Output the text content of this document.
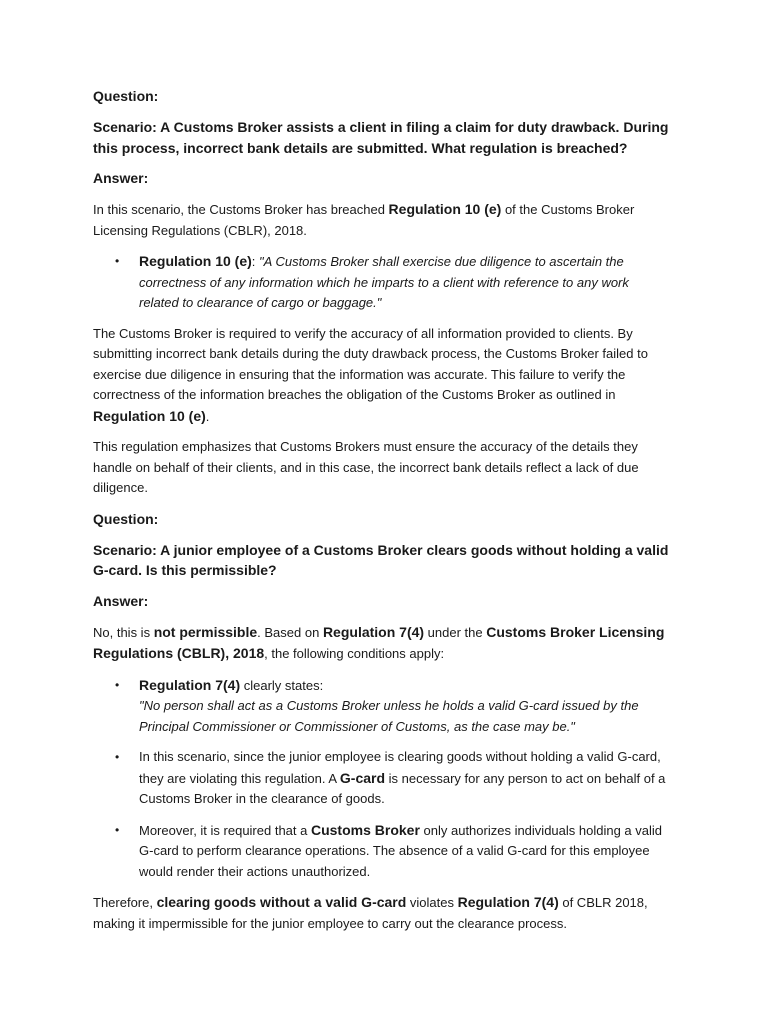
Question:
Scenario: A Customs Broker assists a client in filing a claim for duty drawback. During this process, incorrect bank details are submitted. What regulation is breached?
Answer:

In this scenario, the Customs Broker has breached Regulation 10 (e) of the Customs Broker Licensing Regulations (CBLR), 2018.

• Regulation 10 (e): "A Customs Broker shall exercise due diligence to ascertain the correctness of any information which he imparts to a client with reference to any work related to clearance of cargo or baggage."

The Customs Broker is required to verify the accuracy of all information provided to clients. By submitting incorrect bank details during the duty drawback process, the Customs Broker failed to exercise due diligence in ensuring that the information was accurate. This failure to verify the correctness of the information breaches the obligation of the Customs Broker as outlined in Regulation 10 (e).

This regulation emphasizes that Customs Brokers must ensure the accuracy of the details they handle on behalf of their clients, and in this case, the incorrect bank details reflect a lack of due diligence.

Question:
Scenario: A junior employee of a Customs Broker clears goods without holding a valid G-card. Is this permissible?
Answer:

No, this is not permissible. Based on Regulation 7(4) under the Customs Broker Licensing Regulations (CBLR), 2018, the following conditions apply:

• Regulation 7(4) clearly states:
"No person shall act as a Customs Broker unless he holds a valid G-card issued by the Principal Commissioner or Commissioner of Customs, as the case may be."
• In this scenario, since the junior employee is clearing goods without holding a valid G-card, they are violating this regulation. A G-card is necessary for any person to act on behalf of a Customs Broker in the clearance of goods.
• Moreover, it is required that a Customs Broker only authorizes individuals holding a valid G-card to perform clearance operations. The absence of a valid G-card for this employee would render their actions unauthorized.

Therefore, clearing goods without a valid G-card violates Regulation 7(4) of CBLR 2018, making it impermissible for the junior employee to carry out the clearance process.
